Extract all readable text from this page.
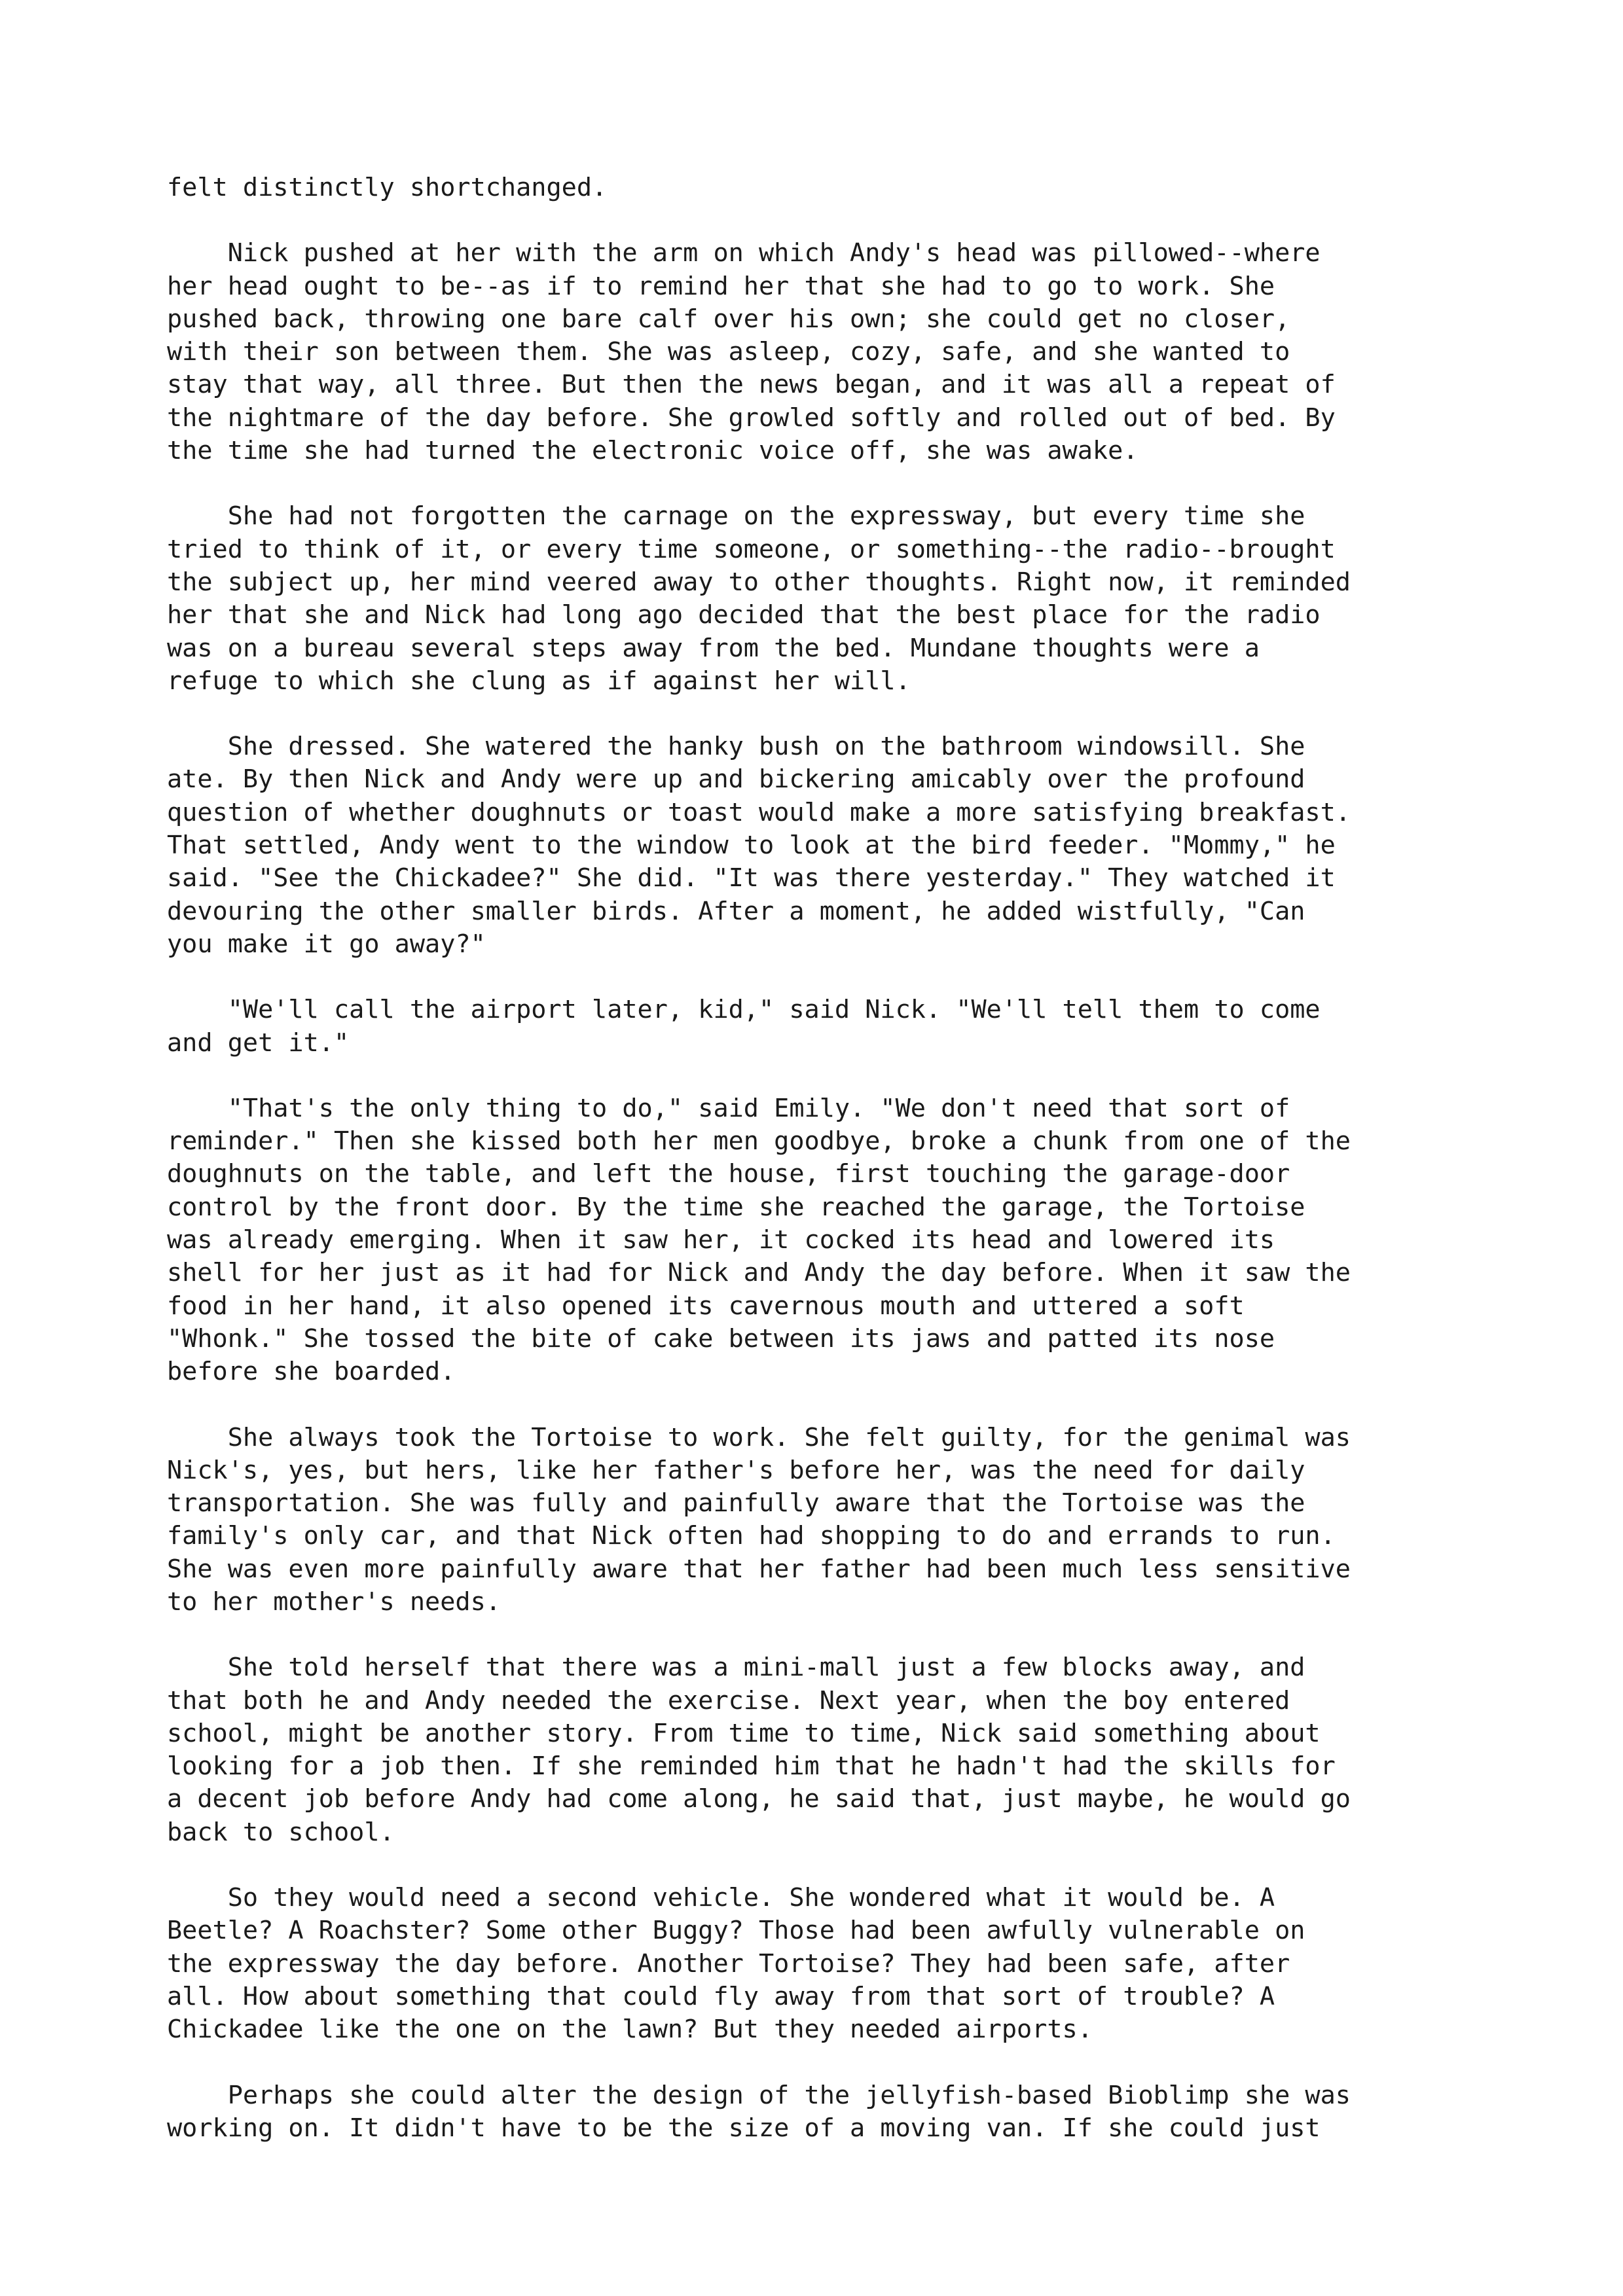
felt distinctly shortchanged.
Nick pushed at her with the arm on which Andy's head was pillowed--where
her head ought to be--as if to remind her that she had to go to work. She
pushed back, throwing one bare calf over his own; she could get no closer,
with their son between them. She was asleep, cozy, safe, and she wanted to
stay that way, all three. But then the news began, and it was all a repeat of
the nightmare of the day before. She growled softly and rolled out of bed. By
the time she had turned the electronic voice off, she was awake.
She had not forgotten the carnage on the expressway, but every time she
tried to think of it, or every time someone, or something--the radio--brought
the subject up, her mind veered away to other thoughts. Right now, it reminded
her that she and Nick had long ago decided that the best place for the radio
was on a bureau several steps away from the bed. Mundane thoughts were a
refuge to which she clung as if against her will.
She dressed. She watered the hanky bush on the bathroom windowsill. She
ate. By then Nick and Andy were up and bickering amicably over the profound
question of whether doughnuts or toast would make a more satisfying breakfast.
That settled, Andy went to the window to look at the bird feeder. "Mommy," he
said. "See the Chickadee?" She did. "It was there yesterday." They watched it
devouring the other smaller birds. After a moment, he added wistfully, "Can
you make it go away?"
"We'll call the airport later, kid," said Nick. "We'll tell them to come
and get it."
"That's the only thing to do," said Emily. "We don't need that sort of
reminder." Then she kissed both her men goodbye, broke a chunk from one of the
doughnuts on the table, and left the house, first touching the garage-door
control by the front door. By the time she reached the garage, the Tortoise
was already emerging. When it saw her, it cocked its head and lowered its
shell for her just as it had for Nick and Andy the day before. When it saw the
food in her hand, it also opened its cavernous mouth and uttered a soft
"Whonk." She tossed the bite of cake between its jaws and patted its nose
before she boarded.
She always took the Tortoise to work. She felt guilty, for the genimal was
Nick's, yes, but hers, like her father's before her, was the need for daily
transportation. She was fully and painfully aware that the Tortoise was the
family's only car, and that Nick often had shopping to do and errands to run.
She was even more painfully aware that her father had been much less sensitive
to her mother's needs.
She told herself that there was a mini-mall just a few blocks away, and
that both he and Andy needed the exercise. Next year, when the boy entered
school, might be another story. From time to time, Nick said something about
looking for a job then. If she reminded him that he hadn't had the skills for
a decent job before Andy had come along, he said that, just maybe, he would go
back to school.
So they would need a second vehicle. She wondered what it would be. A
Beetle? A Roachster? Some other Buggy? Those had been awfully vulnerable on
the expressway the day before. Another Tortoise? They had been safe, after
all. How about something that could fly away from that sort of trouble? A
Chickadee like the one on the lawn? But they needed airports.
Perhaps she could alter the design of the jellyfish-based Bioblimp she was
working on. It didn't have to be the size of a moving van. If she could just
